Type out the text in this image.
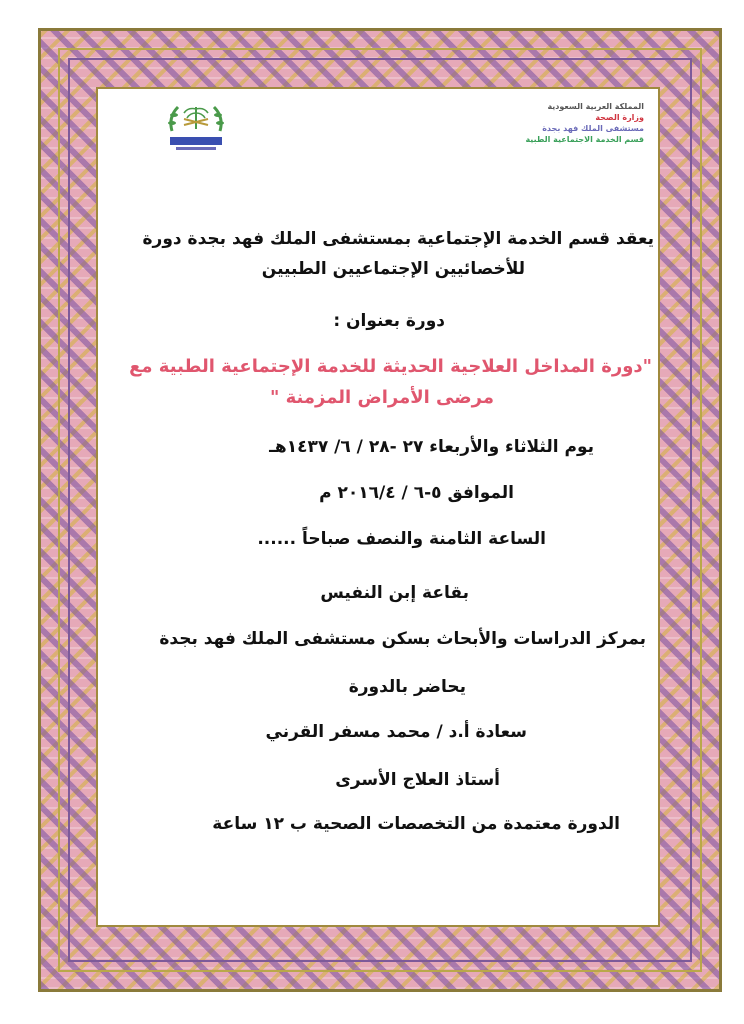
المملكة العربية السعودية
وزارة الصحة
مستشفى الملك فهد بجدة
قسم الخدمة الاجتماعية الطبية
يعقد قسم الخدمة الإجتماعية بمستشفى الملك فهد بجدة دورة
للأخصائيين الإجتماعيين الطبيين
دورة بعنوان :
"دورة المداخل العلاجية الحديثة للخدمة الإجتماعية الطبية مع
مرضى الأمراض المزمنة "
يوم الثلاثاء والأربعاء ٢٧ -٢٨ / ٦/ ١٤٣٧هـ
الموافق ٥-٦ / ٢٠١٦/٤ م
الساعة الثامنة والنصف صباحاً ......
بقاعة إبن النفيس
بمركز الدراسات والأبحاث بسكن مستشفى الملك فهد بجدة
يحاضر بالدورة
سعادة أ.د / محمد مسفر القرني
أستاذ العلاج الأسرى
الدورة معتمدة من التخصصات الصحية ب ١٢ ساعة
